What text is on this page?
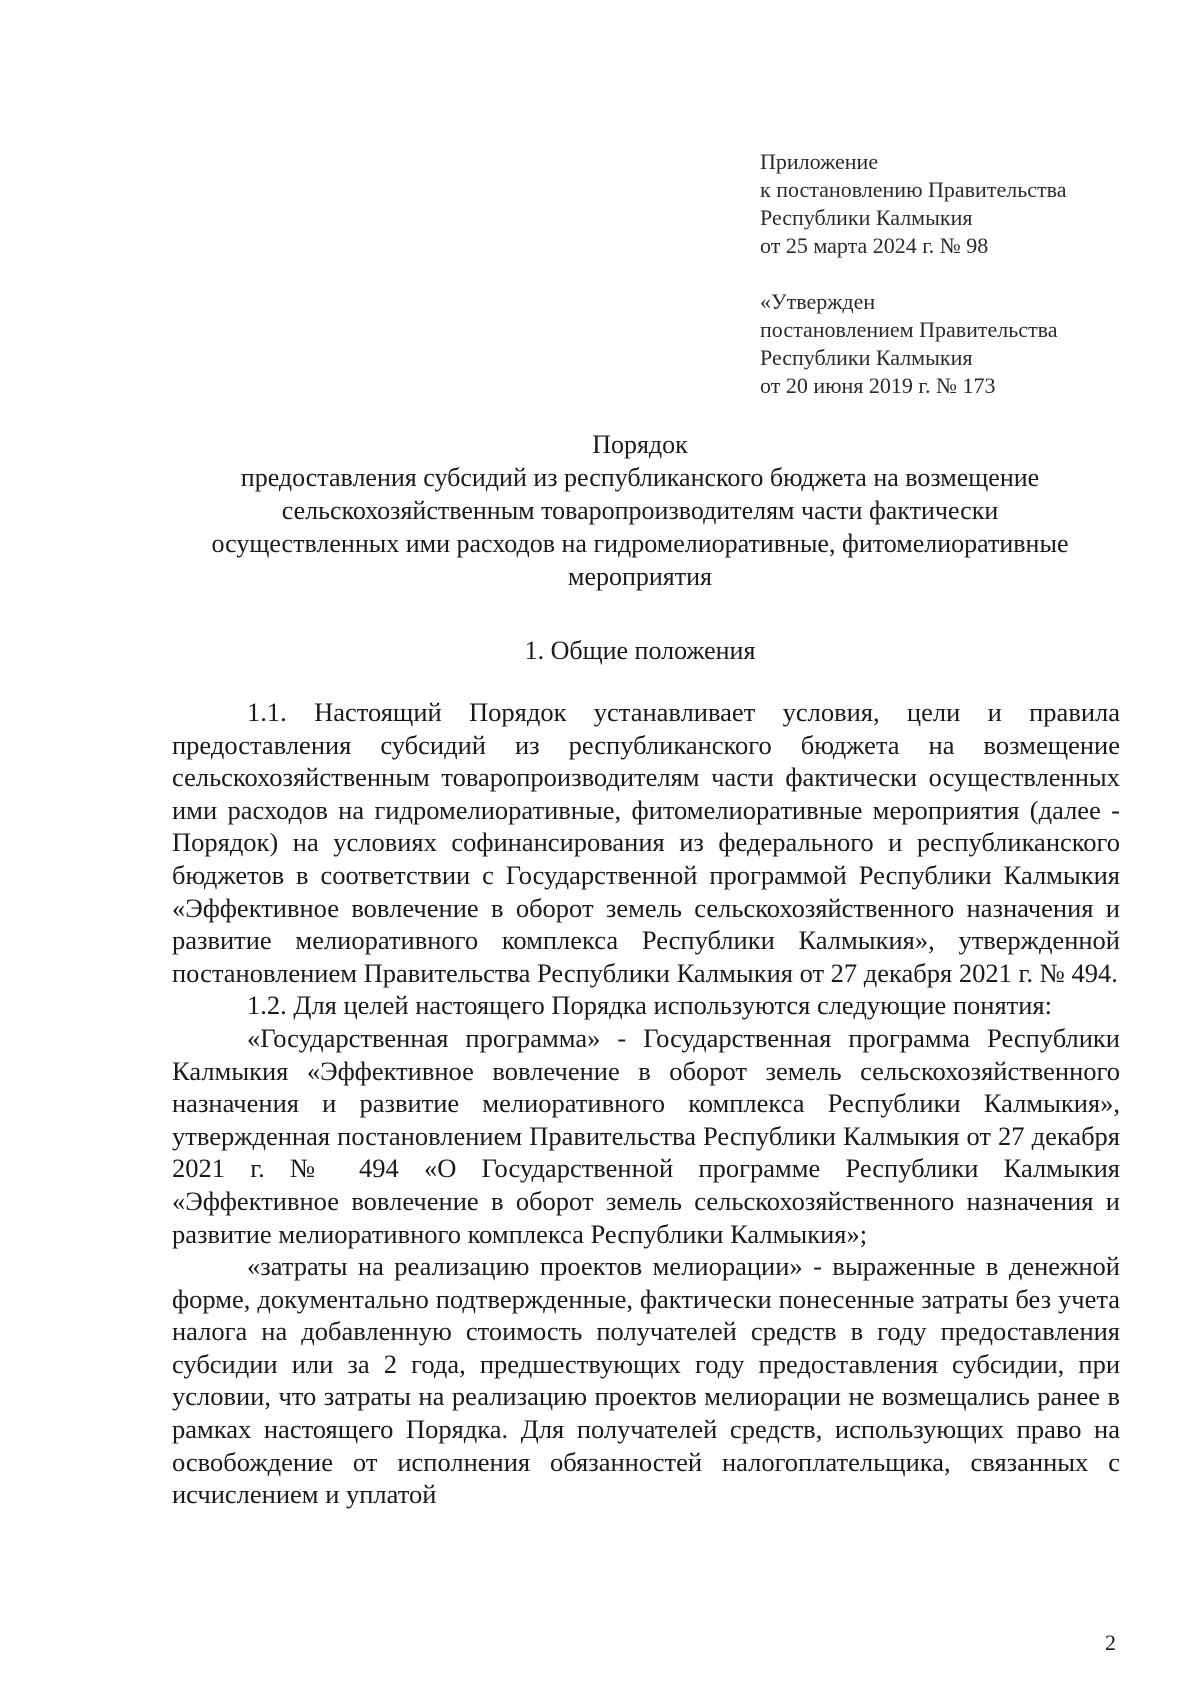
Приложение
к постановлению Правительства
Республики Калмыкия
от 25 марта 2024 г. № 98
«Утвержден
постановлением Правительства
Республики Калмыкия
от 20 июня 2019 г. № 173
Порядок
предоставления субсидий из республиканского бюджета на возмещение
сельскохозяйственным товаропроизводителям части фактически
осуществленных ими расходов на гидромелиоративные, фитомелиоративные
мероприятия
1. Общие положения

1.1. Настоящий Порядок устанавливает условия, цели и правила предоставления субсидий из республиканского бюджета на возмещение сельскохозяйственным товаропроизводителям части фактически осуществленных ими расходов на гидромелиоративные, фитомелиоративные мероприятия (далее - Порядок) на условиях софинансирования из федерального и республиканского бюджетов в соответствии с Государственной программой Республики Калмыкия «Эффективное вовлечение в оборот земель сельскохозяйственного назначения и развитие мелиоративного комплекса Республики Калмыкия», утвержденной постановлением Правительства Республики Калмыкия от 27 декабря 2021 г. № 494.

1.2. Для целей настоящего Порядка используются следующие понятия:

«Государственная программа» - Государственная программа Республики Калмыкия «Эффективное вовлечение в оборот земель сельскохозяйственного назначения и развитие мелиоративного комплекса Республики Калмыкия», утвержденная постановлением Правительства Республики Калмыкия от 27 декабря 2021 г. № 494 «О Государственной программе Республики Калмыкия «Эффективное вовлечение в оборот земель сельскохозяйственного назначения и развитие мелиоративного комплекса Республики Калмыкия»;

«затраты на реализацию проектов мелиорации» - выраженные в денежной форме, документально подтвержденные, фактически понесенные затраты без учета налога на добавленную стоимость получателей средств в году предоставления субсидии или за 2 года, предшествующих году предоставления субсидии, при условии, что затраты на реализацию проектов мелиорации не возмещались ранее в рамках настоящего Порядка. Для получателей средств, использующих право на освобождение от исполнения обязанностей налогоплательщика, связанных с исчислением и уплатой

2
